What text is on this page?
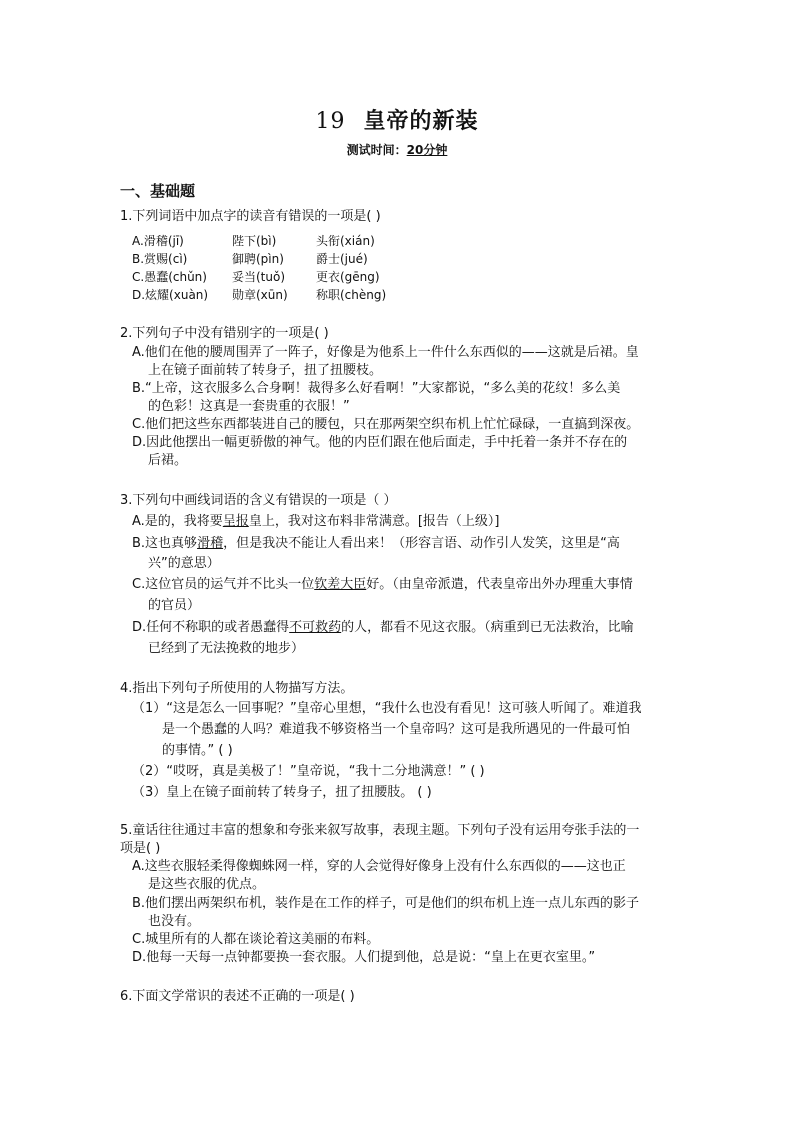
19 皇帝的新装
测试时间：20分钟
一、基础题
1.下列词语中加点字的读音有错误的一项是( )
A.滑稽(jī)	陛下(bì)	头衔(xián)
B.赏赐(cì)	御聘(pìn)	爵士(jué)
C.愚蠢(chǔn) 妥当(tuǒ)	更衣(gēng)
D.炫耀(xuàn) 勋章(xūn) 称职(chèng)
2.下列句子中没有错别字的一项是( )
A.他们在他的腰周围弄了一阵子，好像是为他系上一件什么东西似的——这就是后裙。皇
上在镜子面前转了转身子，扭了扭腰枝。
B.“上帝，这衣服多么合身啊！裁得多么好看啊！”大家都说，“多么美的花纹！多么美
的色彩！这真是一套贵重的衣服！”
C.他们把这些东西都装进自己的腰包，只在那两架空织布机上忙忙碌碌，一直搞到深夜。
D.因此他摆出一幅更骄傲的神气。他的内臣们跟在他后面走，手中托着一条并不存在的
后裙。
3.下列句中画线词语的含义有错误的一项是（ ）
A.是的，我将要呈报皇上，我对这布料非常满意。[报告（上级）]
B.这也真够滑稽，但是我决不能让人看出来！（形容言语、动作引人发笑，这里是“高
兴”的意思）
C.这位官员的运气并不比头一位钦差大臣好。（由皇帝派遣，代表皇帝出外办理重大事情
的官员）
D.任何不称职的或者愚蠢得不可救药的人，都看不见这衣服。（病重到已无法救治，比喻
已经到了无法挽救的地步）
4.指出下列句子所使用的人物描写方法。
（1）“这是怎么一回事呢？”皇帝心里想，“我什么也没有看见！这可骇人听闻了。难道我
是一个愚蠢的人吗？难道我不够资格当一个皇帝吗？这可是我所遇见的一件最可怕
的事情。” ( )
（2）“哎呀，真是美极了！”皇帝说，“我十二分地满意！” ( )
（3）皇上在镜子面前转了转身子，扭了扭腰肢。 ( )
5.童话往往通过丰富的想象和夸张来叙写故事，表现主题。下列句子没有运用夸张手法的一
项是( )
A.这些衣服轻柔得像蜘蛛网一样，穿的人会觉得好像身上没有什么东西似的——这也正
是这些衣服的优点。
B.他们摆出两架织布机，装作是在工作的样子，可是他们的织布机上连一点儿东西的影子
也没有。
C.城里所有的人都在谈论着这美丽的布料。
D.他每一天每一点钟都要换一套衣服。人们提到他，总是说：“皇上在更衣室里。”
6.下面文学常识的表述不正确的一项是( )
